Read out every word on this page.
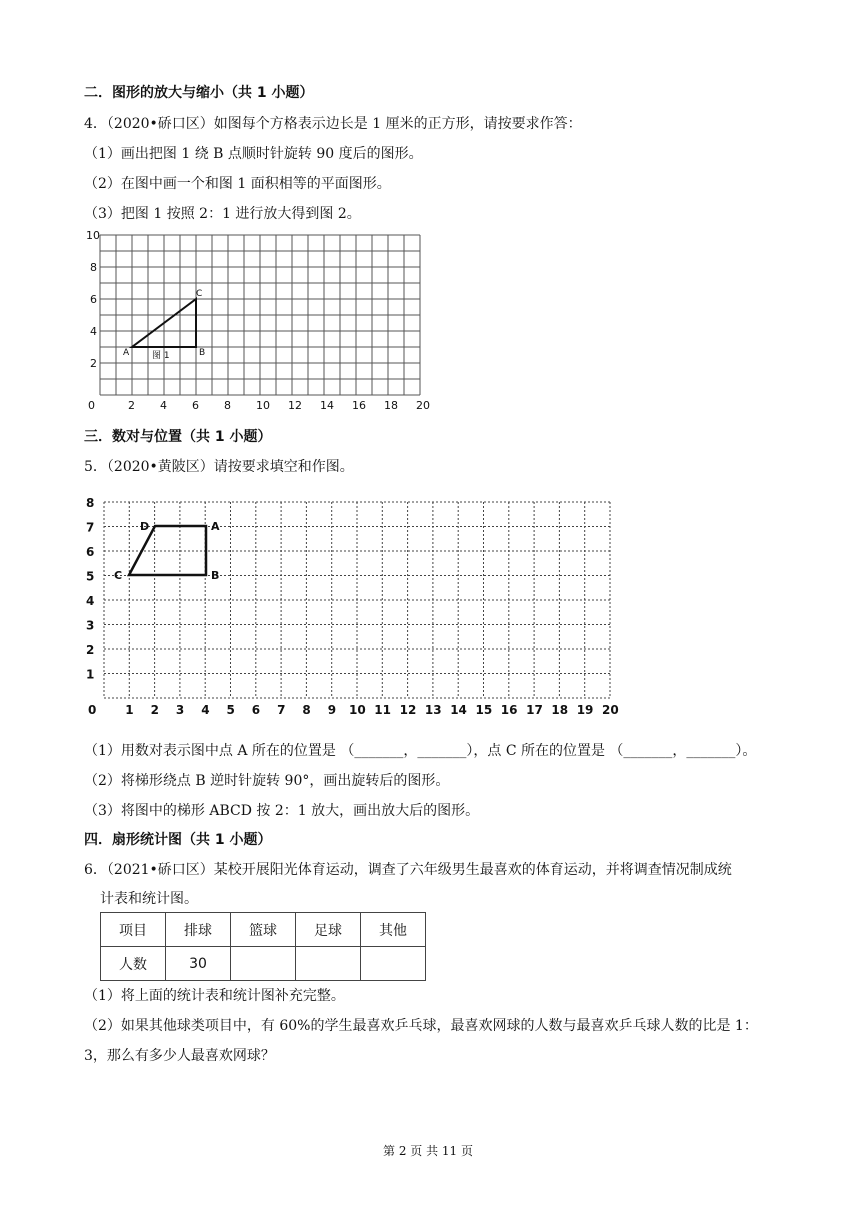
二．图形的放大与缩小（共 1 小题）
4．（2020•硚口区）如图每个方格表示边长是 1 厘米的正方形，请按要求作答：
（1）画出把图 1 绕 B 点顺时针旋转 90 度后的图形。
（2）在图中画一个和图 1 面积相等的平面图形。
（3）把图 1 按照 2：1 进行放大得到图 2。
0	2 4 6 8 10 12 14 16 18 20
2
4
6
8
10
A	B
C
图 1
三．数对与位置（共 1 小题）
5．（2020•黄陂区）请按要求填空和作图。
0 1 2 3 4 5 6 7 8 9 10 11 12 13 14 15 16 17 18 19 20
1
2
3
4
5
6
7
8
D	A
B
C
（1）用数对表示图中点 A 所在的位置是 （_______，_______），点 C 所在的位置是 （_______，_______）。
（2）将梯形绕点 B 逆时针旋转 90°，画出旋转后的图形。
（3）将图中的梯形 ABCD 按 2：1 放大，画出放大后的图形。
四．扇形统计图（共 1 小题）
6．（2021•硚口区）某校开展阳光体育运动，调查了六年级男生最喜欢的体育运动，并将调查情况制成统
计表和统计图。
项目	排球	篮球	足球	其他
人数	30			
（1）将上面的统计表和统计图补充完整。
（2）如果其他球类项目中，有 60%的学生最喜欢乒乓球，最喜欢网球的人数与最喜欢乒乓球人数的比是 1：
3，那么有多少人最喜欢网球？
第 2 页 共 11 页
